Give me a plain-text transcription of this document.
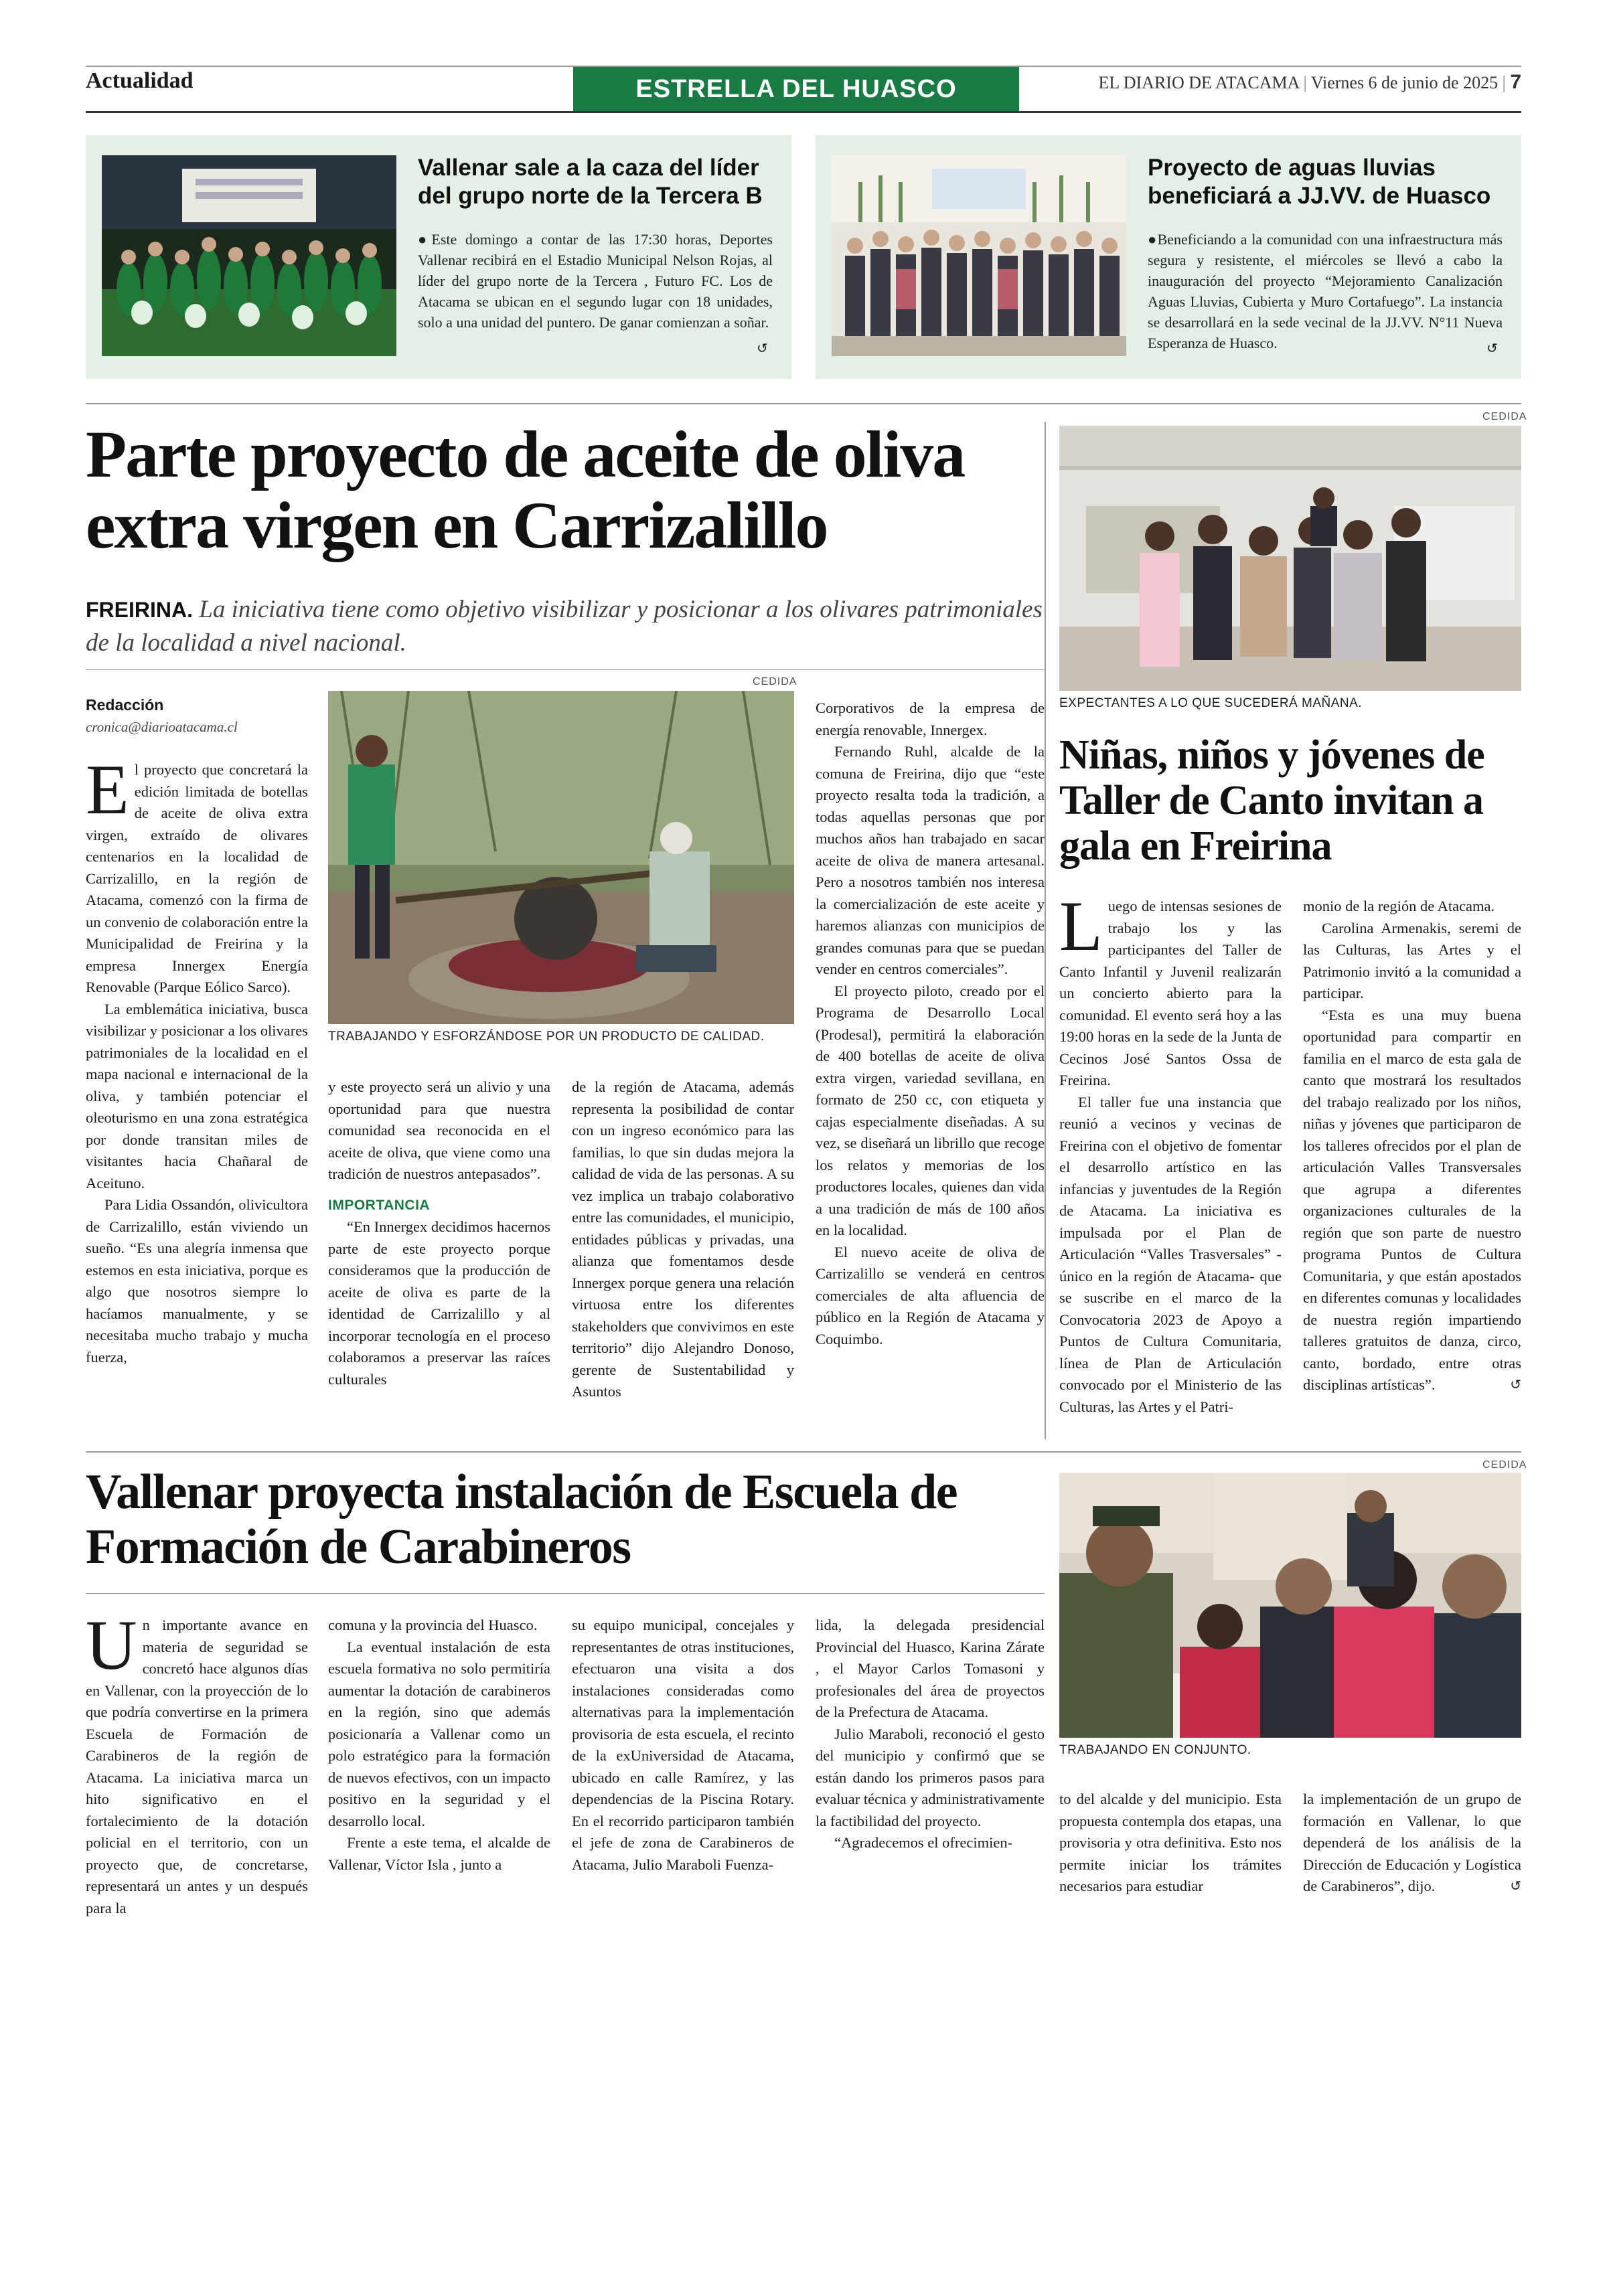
Actualidad	ESTRELLA DEL HUASCO	EL DIARIO DE ATACAMA | Viernes 6 de junio de 2025 | 7
Vallenar sale a la caza del líder del grupo norte de la Tercera B
●Este domingo a contar de las 17:30 horas, Deportes Vallenar recibirá en el Estadio Municipal Nelson Rojas, al líder del grupo norte de la Tercera , Futuro FC. Los de Atacama se ubican en el segundo lugar con 18 unidades, solo a una unidad del puntero. De ganar comienzan a soñar.
↺
Proyecto de aguas lluvias beneficiará a JJ.VV. de Huasco
●Beneficiando a la comunidad con una infraestructura más segura y resistente, el miércoles se llevó a cabo la inauguración del proyecto “Mejoramiento Canalización Aguas Lluvias, Cubierta y Muro Cortafuego”. La instancia se desarrollará en la sede vecinal de la JJ.VV. N°11 Nueva Esperanza de Huasco.	↺
Parte proyecto de aceite de oliva extra virgen en Carrizalillo
FREIRINA. La iniciativa tiene como objetivo visibilizar y posicionar a los olivares patrimoniales de la localidad a nivel nacional.
Redacción
cronica@diarioatacama.cl
CEDIDA
TRABAJANDO Y ESFORZÁNDOSE POR UN PRODUCTO DE CALIDAD.

El proyecto que concretará la edición limitada de botellas de aceite de oliva extra virgen, extraído de olivares centenarios en la localidad de Carrizalillo, en la región de Atacama, comenzó con la firma de un convenio de colaboración entre la Municipalidad de Freirina y la empresa Innergex Energía Renovable (Parque Eólico Sarco).

La emblemática iniciativa, busca visibilizar y posicionar a los olivares patrimoniales de la localidad en el mapa nacional e internacional de la oliva, y también potenciar el oleoturismo en una zona estratégica por donde transitan miles de visitantes hacia Chañaral de Aceituno.

Para Lidia Ossandón, olivicultora de Carrizalillo, están viviendo un sueño. “Es una alegría inmensa que estemos en esta iniciativa, porque es algo que nosotros siempre lo hacíamos manualmente, y se necesitaba mucho trabajo y mucha fuerza,

y este proyecto será un alivio y una oportunidad para que nuestra comunidad sea reconocida en el aceite de oliva, que viene como una tradición de nuestros antepasados”.

IMPORTANCIA

“En Innergex decidimos hacernos parte de este proyecto porque consideramos que la producción de aceite de oliva es parte de la identidad de Carrizalillo y al incorporar tecnología en el proceso colaboramos a preservar las raíces culturales

de la región de Atacama, además representa la posibilidad de contar con un ingreso económico para las familias, lo que sin dudas mejora la calidad de vida de las personas. A su vez implica un trabajo colaborativo entre las comunidades, el municipio, entidades públicas y privadas, una alianza que fomentamos desde Innergex porque genera una relación virtuosa entre los diferentes stakeholders que convivimos en este territorio” dijo Alejandro Donoso, gerente de Sustentabilidad y Asuntos

Corporativos de la empresa de energía renovable, Innergex.

Fernando Ruhl, alcalde de la comuna de Freirina, dijo que “este proyecto resalta toda la tradición, a todas aquellas personas que por muchos años han trabajado en sacar aceite de oliva de manera artesanal. Pero a nosotros también nos interesa la comercialización de este aceite y haremos alianzas con municipios de grandes comunas para que se puedan vender en centros comerciales”.

El proyecto piloto, creado por el Programa de Desarrollo Local (Prodesal), permitirá la elaboración de 400 botellas de aceite de oliva extra virgen, variedad sevillana, en formato de 250 cc, con etiqueta y cajas especialmente diseñadas. A su vez, se diseñará un librillo que recoge los relatos y memorias de los productores locales, quienes dan vida a una tradición de más de 100 años en la localidad.

El nuevo aceite de oliva de Carrizalillo se venderá en centros comerciales de alta afluencia de público en la Región de Atacama y Coquimbo.

CEDIDA
EXPECTANTES A LO QUE SUCEDERÁ MAÑANA.
Niñas, niños y jóvenes de Taller de Canto invitan a gala en Freirina

Luego de intensas sesiones de trabajo los y las participantes del Taller de Canto Infantil y Juvenil realizarán un concierto abierto para la comunidad. El evento será hoy a las 19:00 horas en la sede de la Junta de Cecinos José Santos Ossa de Freirina.

El taller fue una instancia que reunió a vecinos y vecinas de Freirina con el objetivo de fomentar el desarrollo artístico en las infancias y juventudes de la Región de Atacama. La iniciativa es impulsada por el Plan de Articulación “Valles Trasversales” - único en la región de Atacama- que se suscribe en el marco de la Convocatoria 2023 de Apoyo a Puntos de Cultura Comunitaria, línea de Plan de Articulación convocado por el Ministerio de las Culturas, las Artes y el Patri-

monio de la región de Atacama.

Carolina Armenakis, seremi de las Culturas, las Artes y el Patrimonio invitó a la comunidad a participar.

“Esta es una muy buena oportunidad para compartir en familia en el marco de esta gala de canto que mostrará los resultados del trabajo realizado por los niños, niñas y jóvenes que participaron de los talleres ofrecidos por el plan de articulación Valles Transversales que agrupa a diferentes organizaciones culturales de la región que son parte de nuestro programa Puntos de Cultura Comunitaria, y que están apostados en diferentes comunas y localidades de nuestra región impartiendo talleres gratuitos de danza, circo, canto, bordado, entre otras disciplinas artísticas”.	↺

Vallenar proyecta instalación de Escuela de Formación de Carabineros
CEDIDA
TRABAJANDO EN CONJUNTO.

Un importante avance en materia de seguridad se concretó hace algunos días en Vallenar, con la proyección de lo que podría convertirse en la primera Escuela de Formación de Carabineros de la región de Atacama. La iniciativa marca un hito significativo en el fortalecimiento de la dotación policial en el territorio, con un proyecto que, de concretarse, representará un antes y un después para la

comuna y la provincia del Huasco.

La eventual instalación de esta escuela formativa no solo permitiría aumentar la dotación de carabineros en la región, sino que además posicionaría a Vallenar como un polo estratégico para la formación de nuevos efectivos, con un impacto positivo en la seguridad y el desarrollo local.

Frente a este tema, el alcalde de Vallenar, Víctor Isla , junto a

su equipo municipal, concejales y representantes de otras instituciones, efectuaron una visita a dos instalaciones consideradas como alternativas para la implementación provisoria de esta escuela, el recinto de la exUniversidad de Atacama, ubicado en calle Ramírez, y las dependencias de la Piscina Rotary. En el recorrido participaron también el jefe de zona de Carabineros de Atacama, Julio Maraboli Fuenza-

lida, la delegada presidencial Provincial del Huasco, Karina Zárate , el Mayor Carlos Tomasoni y profesionales del área de proyectos de la Prefectura de Atacama.

Julio Maraboli, reconoció el gesto del municipio y confirmó que se están dando los primeros pasos para evaluar técnica y administrativamente la factibilidad del proyecto.

“Agradecemos el ofrecimien-

to del alcalde y del municipio. Esta propuesta contempla dos etapas, una provisoria y otra definitiva. Esto nos permite iniciar los trámites necesarios para estudiar

la implementación de un grupo de formación en Vallenar, lo que dependerá de los análisis de la Dirección de Educación y Logística de Carabineros”, dijo.	↺
